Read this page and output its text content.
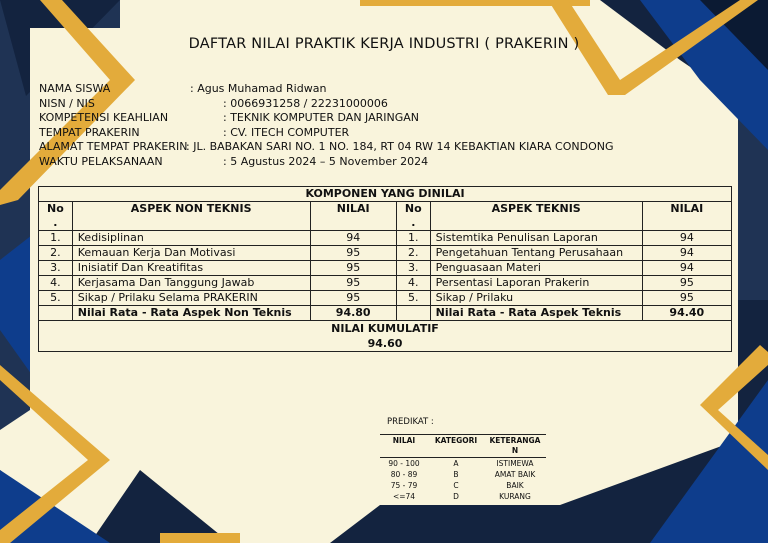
DAFTAR NILAI PRAKTIK KERJA INDUSTRI ( PRAKERIN )
NAMA SISWA	: Agus Muhamad Ridwan
NISN / NIS	: 0066931258 / 22231000006
KOMPETENSI KEAHLIAN	: TEKNIK KOMPUTER DAN JARINGAN
TEMPAT PRAKERIN	: CV. ITECH COMPUTER
ALAMAT TEMPAT PRAKERIN
: JL. BABAKAN SARI NO. 1 NO. 184, RT 04 RW 14 KEBAKTIAN KIARA CONDONG
WAKTU PELAKSANAAN	: 5 Agustus 2024 – 5 November 2024
KOMPONEN YANG DINILAI					
No .	ASPEK NON TEKNIS	NILAI	No .	ASPEK TEKNIS	NILAI
1.	Kedisiplinan	94	1.	Sistemtika Penulisan Laporan	94
2.	Kemauan Kerja Dan Motivasi	95	2.	Pengetahuan Tentang Perusahaan	94
3.	Inisiatif Dan Kreatifitas	95	3.	Penguasaan Materi	94
4.	Kerjasama Dan Tanggung Jawab	95	4.	Persentasi Laporan Prakerin	95
5.	Sikap / Prilaku Selama PRAKERIN	95	5.	Sikap / Prilaku	95
	Nilai Rata - Rata Aspek Non Teknis	94.80		Nilai Rata - Rata Aspek Teknis	94.40

NILAI KUMULATIF
94.60					
PREDIKAT :
NILAI	KATEGORI	KETERANGA N
90 - 100	A	ISTIMEWA
80 - 89	B	AMAT BAIK
75 - 79	C	BAIK
<=74	D	KURANG
